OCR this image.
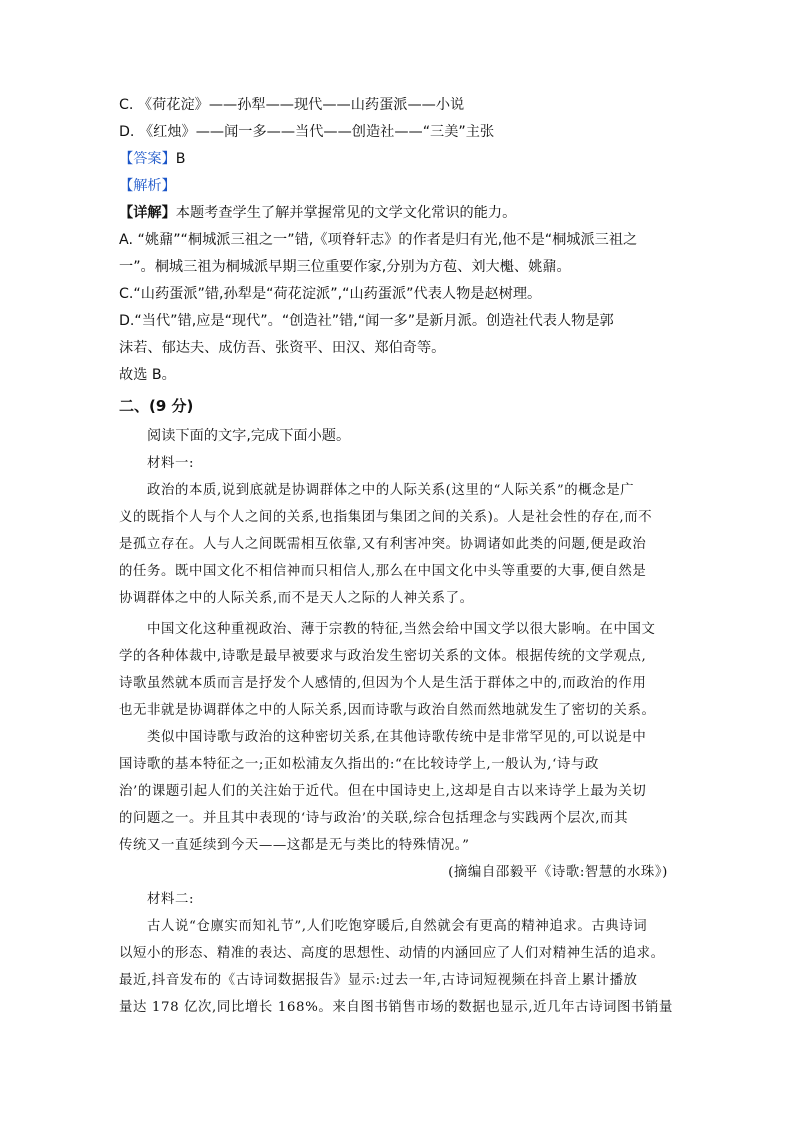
C. 《荷花淀》——孙犁——现代——山药蛋派——小说
D. 《红烛》——闻一多——当代——创造社——“三美”主张
【答案】B
【解析】
【详解】本题考查学生了解并掌握常见的文学文化常识的能力。
A. “姚鼐”“桐城派三祖之一”错,《项脊轩志》的作者是归有光,他不是“桐城派三祖之
一”。桐城三祖为桐城派早期三位重要作家,分别为方苞、刘大櫆、姚鼐。
C.“山药蛋派”错,孙犁是“荷花淀派”,“山药蛋派”代表人物是赵树理。
D.“当代”错,应是“现代”。“创造社”错,“闻一多”是新月派。创造社代表人物是郭
沫若、郁达夫、成仿吾、张资平、田汉、郑伯奇等。
故选 B。
二、(9 分)
阅读下面的文字,完成下面小题。
材料一:
政治的本质,说到底就是协调群体之中的人际关系(这里的“人际关系”的概念是广
义的既指个人与个人之间的关系,也指集团与集团之间的关系)。人是社会性的存在,而不
是孤立存在。人与人之间既需相互依靠,又有利害冲突。协调诸如此类的问题,便是政治
的任务。既中国文化不相信神而只相信人,那么在中国文化中头等重要的大事,便自然是
协调群体之中的人际关系,而不是天人之际的人神关系了。
中国文化这种重视政治、薄于宗教的特征,当然会给中国文学以很大影响。在中国文
学的各种体裁中,诗歌是最早被要求与政治发生密切关系的文体。根据传统的文学观点,
诗歌虽然就本质而言是抒发个人感情的,但因为个人是生活于群体之中的,而政治的作用
也无非就是协调群体之中的人际关系,因而诗歌与政治自然而然地就发生了密切的关系。
类似中国诗歌与政治的这种密切关系,在其他诗歌传统中是非常罕见的,可以说是中
国诗歌的基本特征之一;正如松浦友久指出的:“在比较诗学上,一般认为,‘诗与政
治’的课题引起人们的关注始于近代。但在中国诗史上,这却是自古以来诗学上最为关切
的问题之一。并且其中表现的‘诗与政治’的关联,综合包括理念与实践两个层次,而其
传统又一直延续到今天——这都是无与类比的特殊情况。”
(摘编自邵毅平《诗歌:智慧的水珠》)
材料二:
古人说“仓廪实而知礼节”,人们吃饱穿暖后,自然就会有更高的精神追求。古典诗词
以短小的形态、精准的表达、高度的思想性、动情的内涵回应了人们对精神生活的追求。
最近,抖音发布的《古诗词数据报告》显示:过去一年,古诗词短视频在抖音上累计播放
量达 178 亿次,同比增长 168%。来自图书销售市场的数据也显示,近几年古诗词图书销量
